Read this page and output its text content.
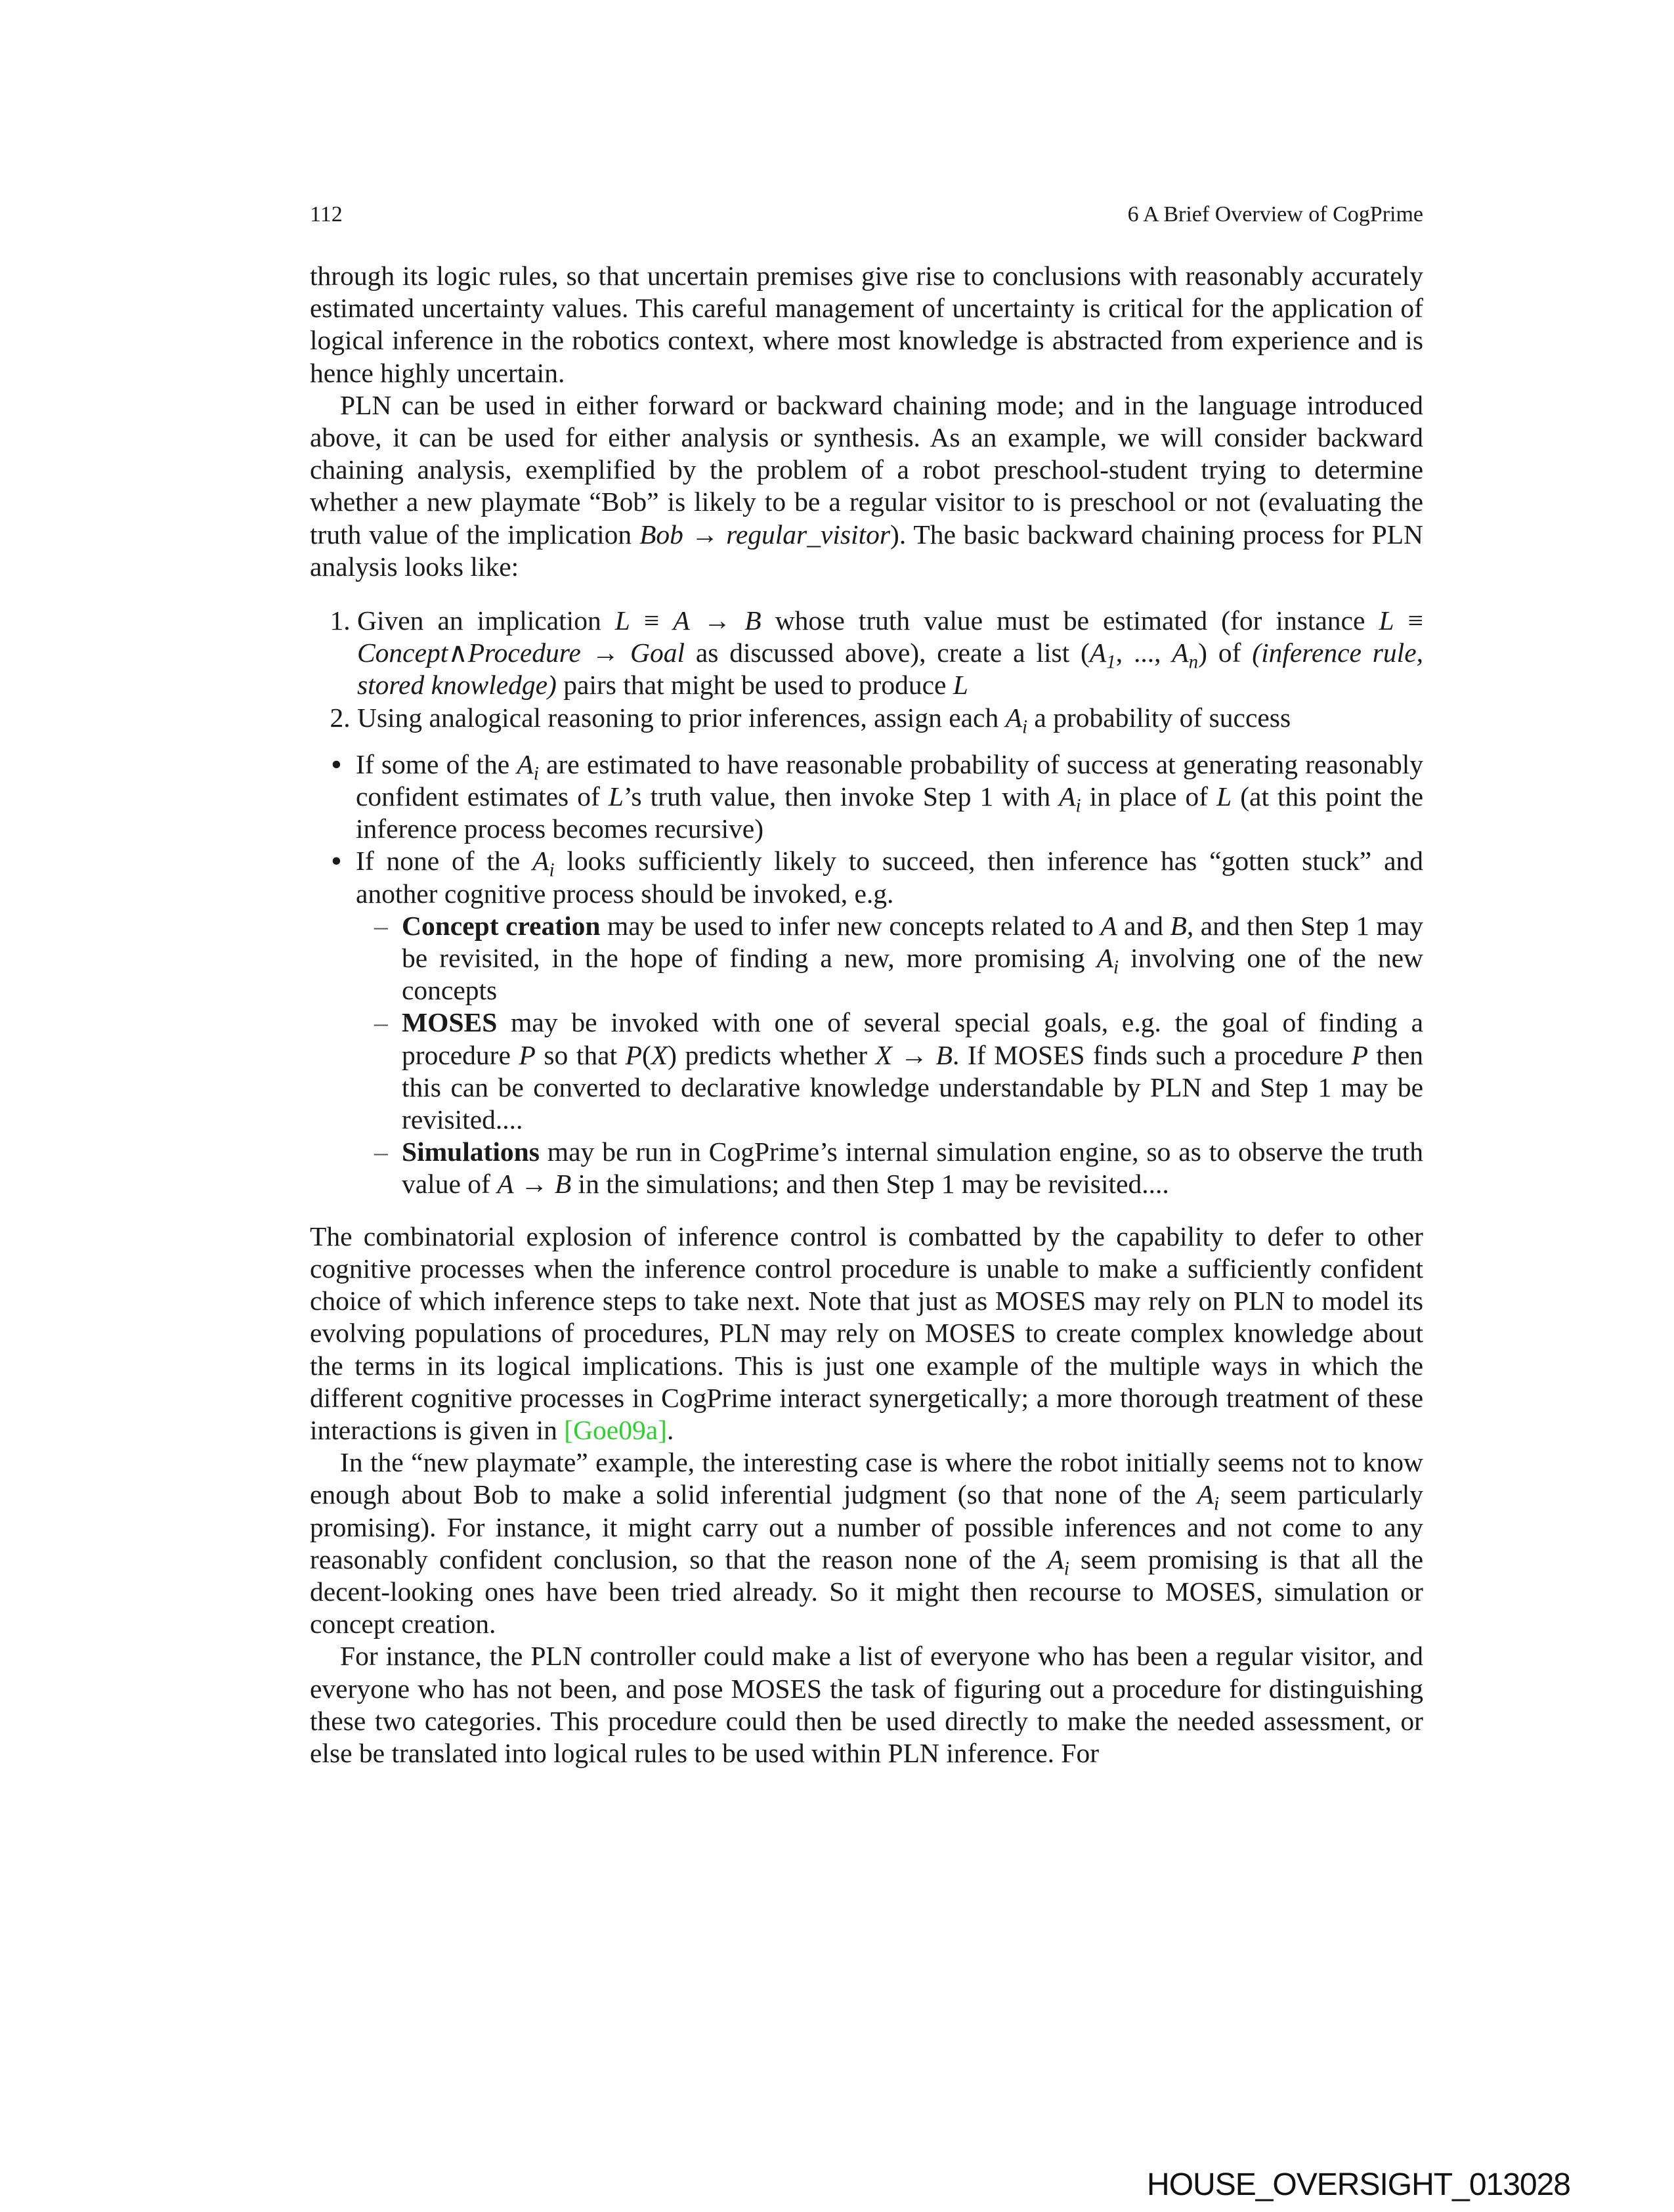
112	6 A Brief Overview of CogPrime

through its logic rules, so that uncertain premises give rise to conclusions with reasonably accurately estimated uncertainty values. This careful management of uncertainty is critical for the application of logical inference in the robotics context, where most knowledge is abstracted from experience and is hence highly uncertain.

PLN can be used in either forward or backward chaining mode; and in the language introduced above, it can be used for either analysis or synthesis. As an example, we will consider backward chaining analysis, exemplified by the problem of a robot preschool-student trying to determine whether a new playmate “Bob” is likely to be a regular visitor to is preschool or not (evaluating the truth value of the implication Bob → regular_visitor). The basic backward chaining process for PLN analysis looks like:

1. Given an implication L ≡ A → B whose truth value must be estimated (for instance L ≡ Concept∧Procedure → Goal as discussed above), create a list ($A_1$, ..., $A_n$) of (inference rule, stored knowledge) pairs that might be used to produce L
2. Using analogical reasoning to prior inferences, assign each $A_i$ a probability of success
• If some of the $A_i$ are estimated to have reasonable probability of success at generating reasonably confident estimates of L’s truth value, then invoke Step 1 with $A_i$ in place of L (at this point the inference process becomes recursive)
• If none of the $A_i$ looks sufficiently likely to succeed, then inference has “gotten stuck” and another cognitive process should be invoked, e.g.
– Concept creation may be used to infer new concepts related to A and B, and then Step 1 may be revisited, in the hope of finding a new, more promising $A_i$ involving one of the new concepts
– MOSES may be invoked with one of several special goals, e.g. the goal of finding a procedure P so that P(X) predicts whether X → B. If MOSES finds such a procedure P then this can be converted to declarative knowledge understandable by PLN and Step 1 may be revisited....
– Simulations may be run in CogPrime’s internal simulation engine, so as to observe the truth value of A → B in the simulations; and then Step 1 may be revisited....

The combinatorial explosion of inference control is combatted by the capability to defer to other cognitive processes when the inference control procedure is unable to make a sufficiently confident choice of which inference steps to take next. Note that just as MOSES may rely on PLN to model its evolving populations of procedures, PLN may rely on MOSES to create complex knowledge about the terms in its logical implications. This is just one example of the multiple ways in which the different cognitive processes in CogPrime interact synergetically; a more thorough treatment of these interactions is given in [Goe09a].

In the “new playmate” example, the interesting case is where the robot initially seems not to know enough about Bob to make a solid inferential judgment (so that none of the $A_i$ seem particularly promising). For instance, it might carry out a number of possible inferences and not come to any reasonably confident conclusion, so that the reason none of the $A_i$ seem promising is that all the decent-looking ones have been tried already. So it might then recourse to MOSES, simulation or concept creation.

For instance, the PLN controller could make a list of everyone who has been a regular visitor, and everyone who has not been, and pose MOSES the task of figuring out a procedure for distinguishing these two categories. This procedure could then be used directly to make the needed assessment, or else be translated into logical rules to be used within PLN inference. For

HOUSE_OVERSIGHT_013028
